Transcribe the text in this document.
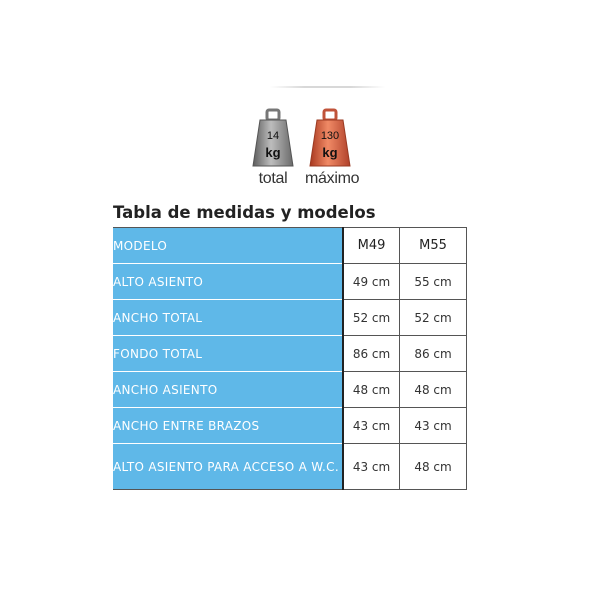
14
kg
total
130
kg
máximo
Tabla de medidas y modelos
MODELO	M49	M55
ALTO ASIENTO	49 cm	55 cm
ANCHO TOTAL	52 cm	52 cm
FONDO TOTAL	86 cm	86 cm
ANCHO ASIENTO	48 cm	48 cm
ANCHO ENTRE BRAZOS	43 cm	43 cm
ALTO ASIENTO PARA ACCESO A W.C.	43 cm	48 cm
